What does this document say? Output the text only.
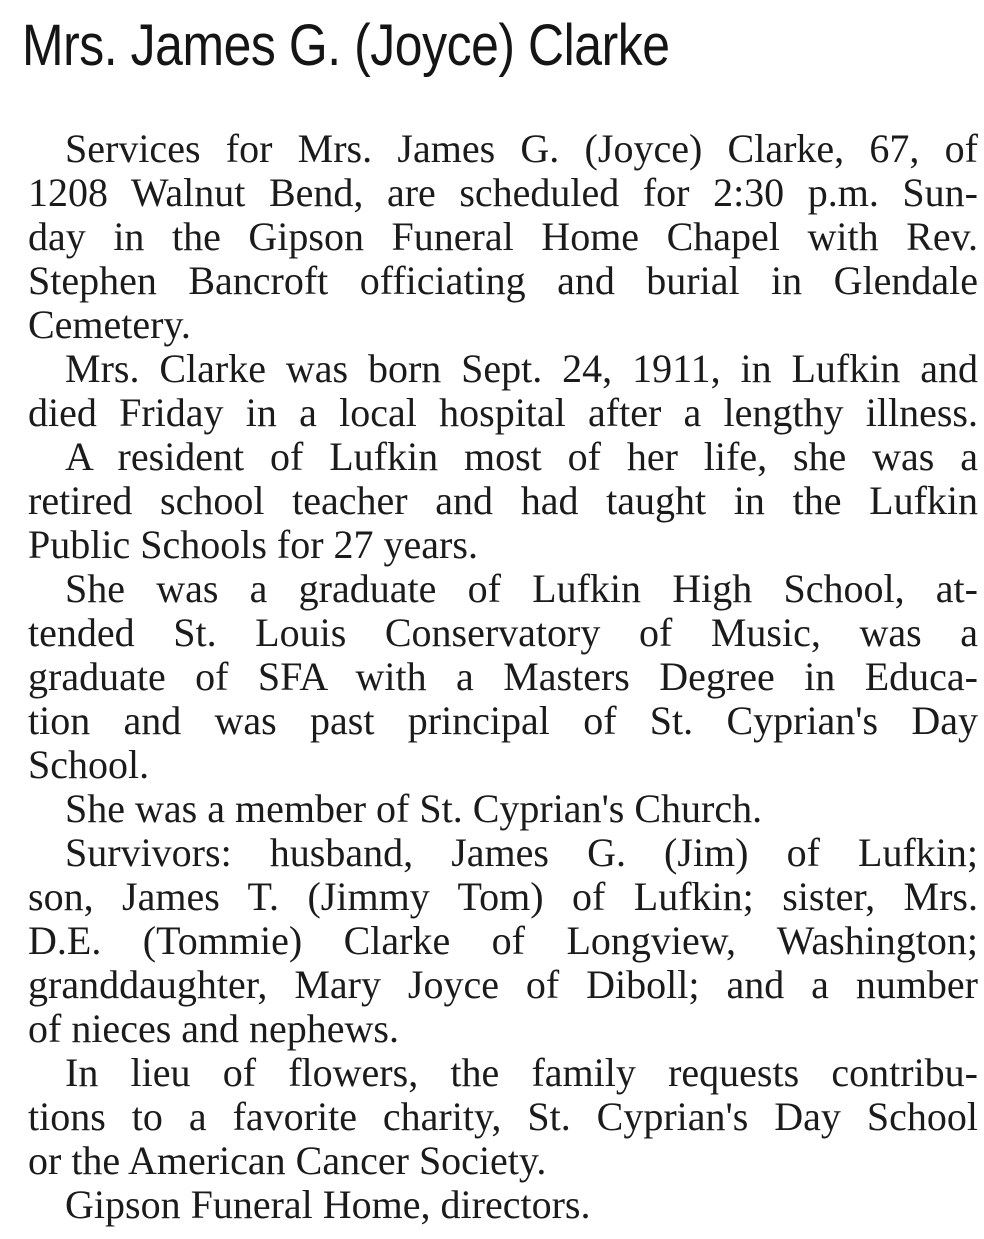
Mrs. James G. (Joyce) Clarke
Services for Mrs. James G. (Joyce) Clarke, 67, of
1208 Walnut Bend, are scheduled for 2:30 p.m. Sun-
day in the Gipson Funeral Home Chapel with Rev.
Stephen Bancroft officiating and burial in Glendale
Cemetery.
Mrs. Clarke was born Sept. 24, 1911, in Lufkin and
died Friday in a local hospital after a lengthy illness.
A resident of Lufkin most of her life, she was a
retired school teacher and had taught in the Lufkin
Public Schools for 27 years.
She was a graduate of Lufkin High School, at-
tended St. Louis Conservatory of Music, was a
graduate of SFA with a Masters Degree in Educa-
tion and was past principal of St. Cyprian's Day
School.
She was a member of St. Cyprian's Church.
Survivors: husband, James G. (Jim) of Lufkin;
son, James T. (Jimmy Tom) of Lufkin; sister, Mrs.
D.E. (Tommie) Clarke of Longview, Washington;
granddaughter, Mary Joyce of Diboll; and a number
of nieces and nephews.
In lieu of flowers, the family requests contribu-
tions to a favorite charity, St. Cyprian's Day School
or the American Cancer Society.
Gipson Funeral Home, directors.
